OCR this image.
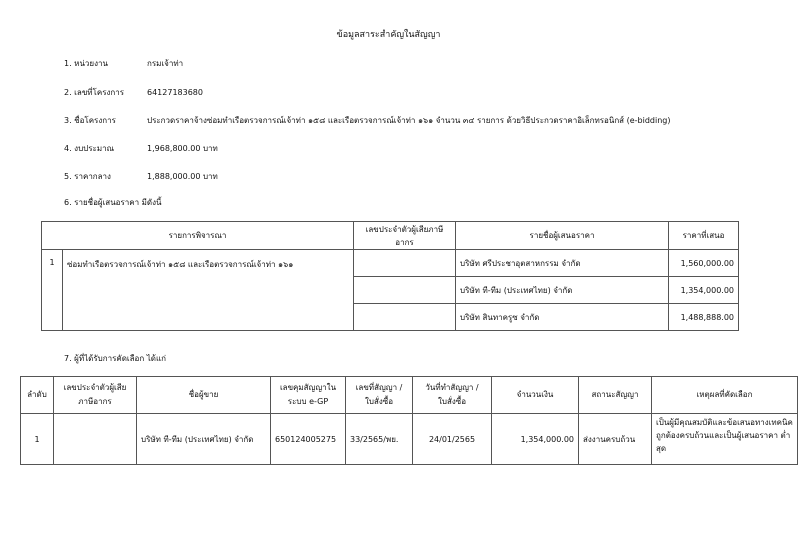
ข้อมูลสาระสำคัญในสัญญา
1. หน่วยงาน	กรมเจ้าท่า
2. เลขที่โครงการ	64127183680
3. ชื่อโครงการ	ประกวดราคาจ้างซ่อมทำเรือตรวจการณ์เจ้าท่า ๑๕๘ และเรือตรวจการณ์เจ้าท่า ๑๖๑ จำนวน ๓๔ รายการ ด้วยวิธีประกวดราคาอิเล็กทรอนิกส์ (e-bidding)
4. งบประมาณ	1,968,800.00 บาท
5. ราคากลาง	1,888,000.00 บาท
6. รายชื่อผู้เสนอราคา มีดังนี้
รายการพิจารณา		เลขประจำตัวผู้เสียภาษีอากร	รายชื่อผู้เสนอราคา	ราคาที่เสนอ
1	ซ่อมทำเรือตรวจการณ์เจ้าท่า ๑๕๘ และเรือตรวจการณ์เจ้าท่า ๑๖๑		บริษัท ศรีประชาอุตสาหกรรม จำกัด	1,560,000.00
			บริษัท ที-ทีม (ประเทศไทย) จำกัด	1,354,000.00
			บริษัท สินทาครูซ จำกัด	1,488,888.00
7. ผู้ที่ได้รับการคัดเลือก ได้แก่
ลำดับ	เลขประจำตัวผู้เสียภาษีอากร	ชื่อผู้ขาย	เลขคุมสัญญาในระบบ e-GP	เลขที่สัญญา / ใบสั่งซื้อ	วันที่ทำสัญญา / ใบสั่งซื้อ	จำนวนเงิน	สถานะสัญญา	เหตุผลที่คัดเลือก
1		บริษัท ที-ทีม (ประเทศไทย) จำกัด	650124005275	33/2565/พย.	24/01/2565	1,354,000.00	ส่งงานครบถ้วน	เป็นผู้มีคุณสมบัติและข้อเสนอทางเทคนิค ถูกต้องครบถ้วนและเป็นผู้เสนอราคา ต่ำสุด
